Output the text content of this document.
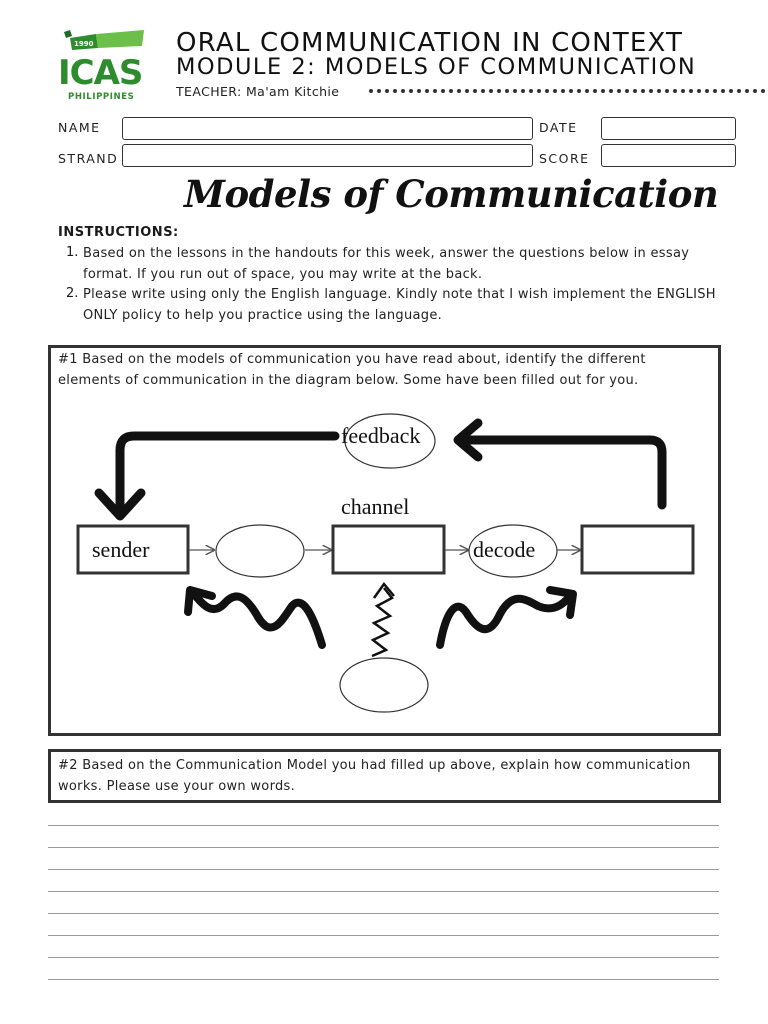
1990
ICAS
PHILIPPINES
ORAL COMMUNICATION IN CONTEXT
MODULE 2: MODELS OF COMMUNICATION
TEACHER: Ma'am Kitchie
NAME	DATE
STRAND	SCORE
Models of Communication
INSTRUCTIONS:
1. Based on the lessons in the handouts for this week, answer the questions below in essay format. If you run out of space, you may write at the back.
2. Please write using only the English language. Kindly note that I wish implement the ENGLISH ONLY policy to help you practice using the language.
#1 Based on the models of communication you have read about, identify the different elements of communication in the diagram below. Some have been filled out for you.
feedback
channel
sender	decode
#2 Based on the Communication Model you had filled up above, explain how communication works. Please use your own words.
